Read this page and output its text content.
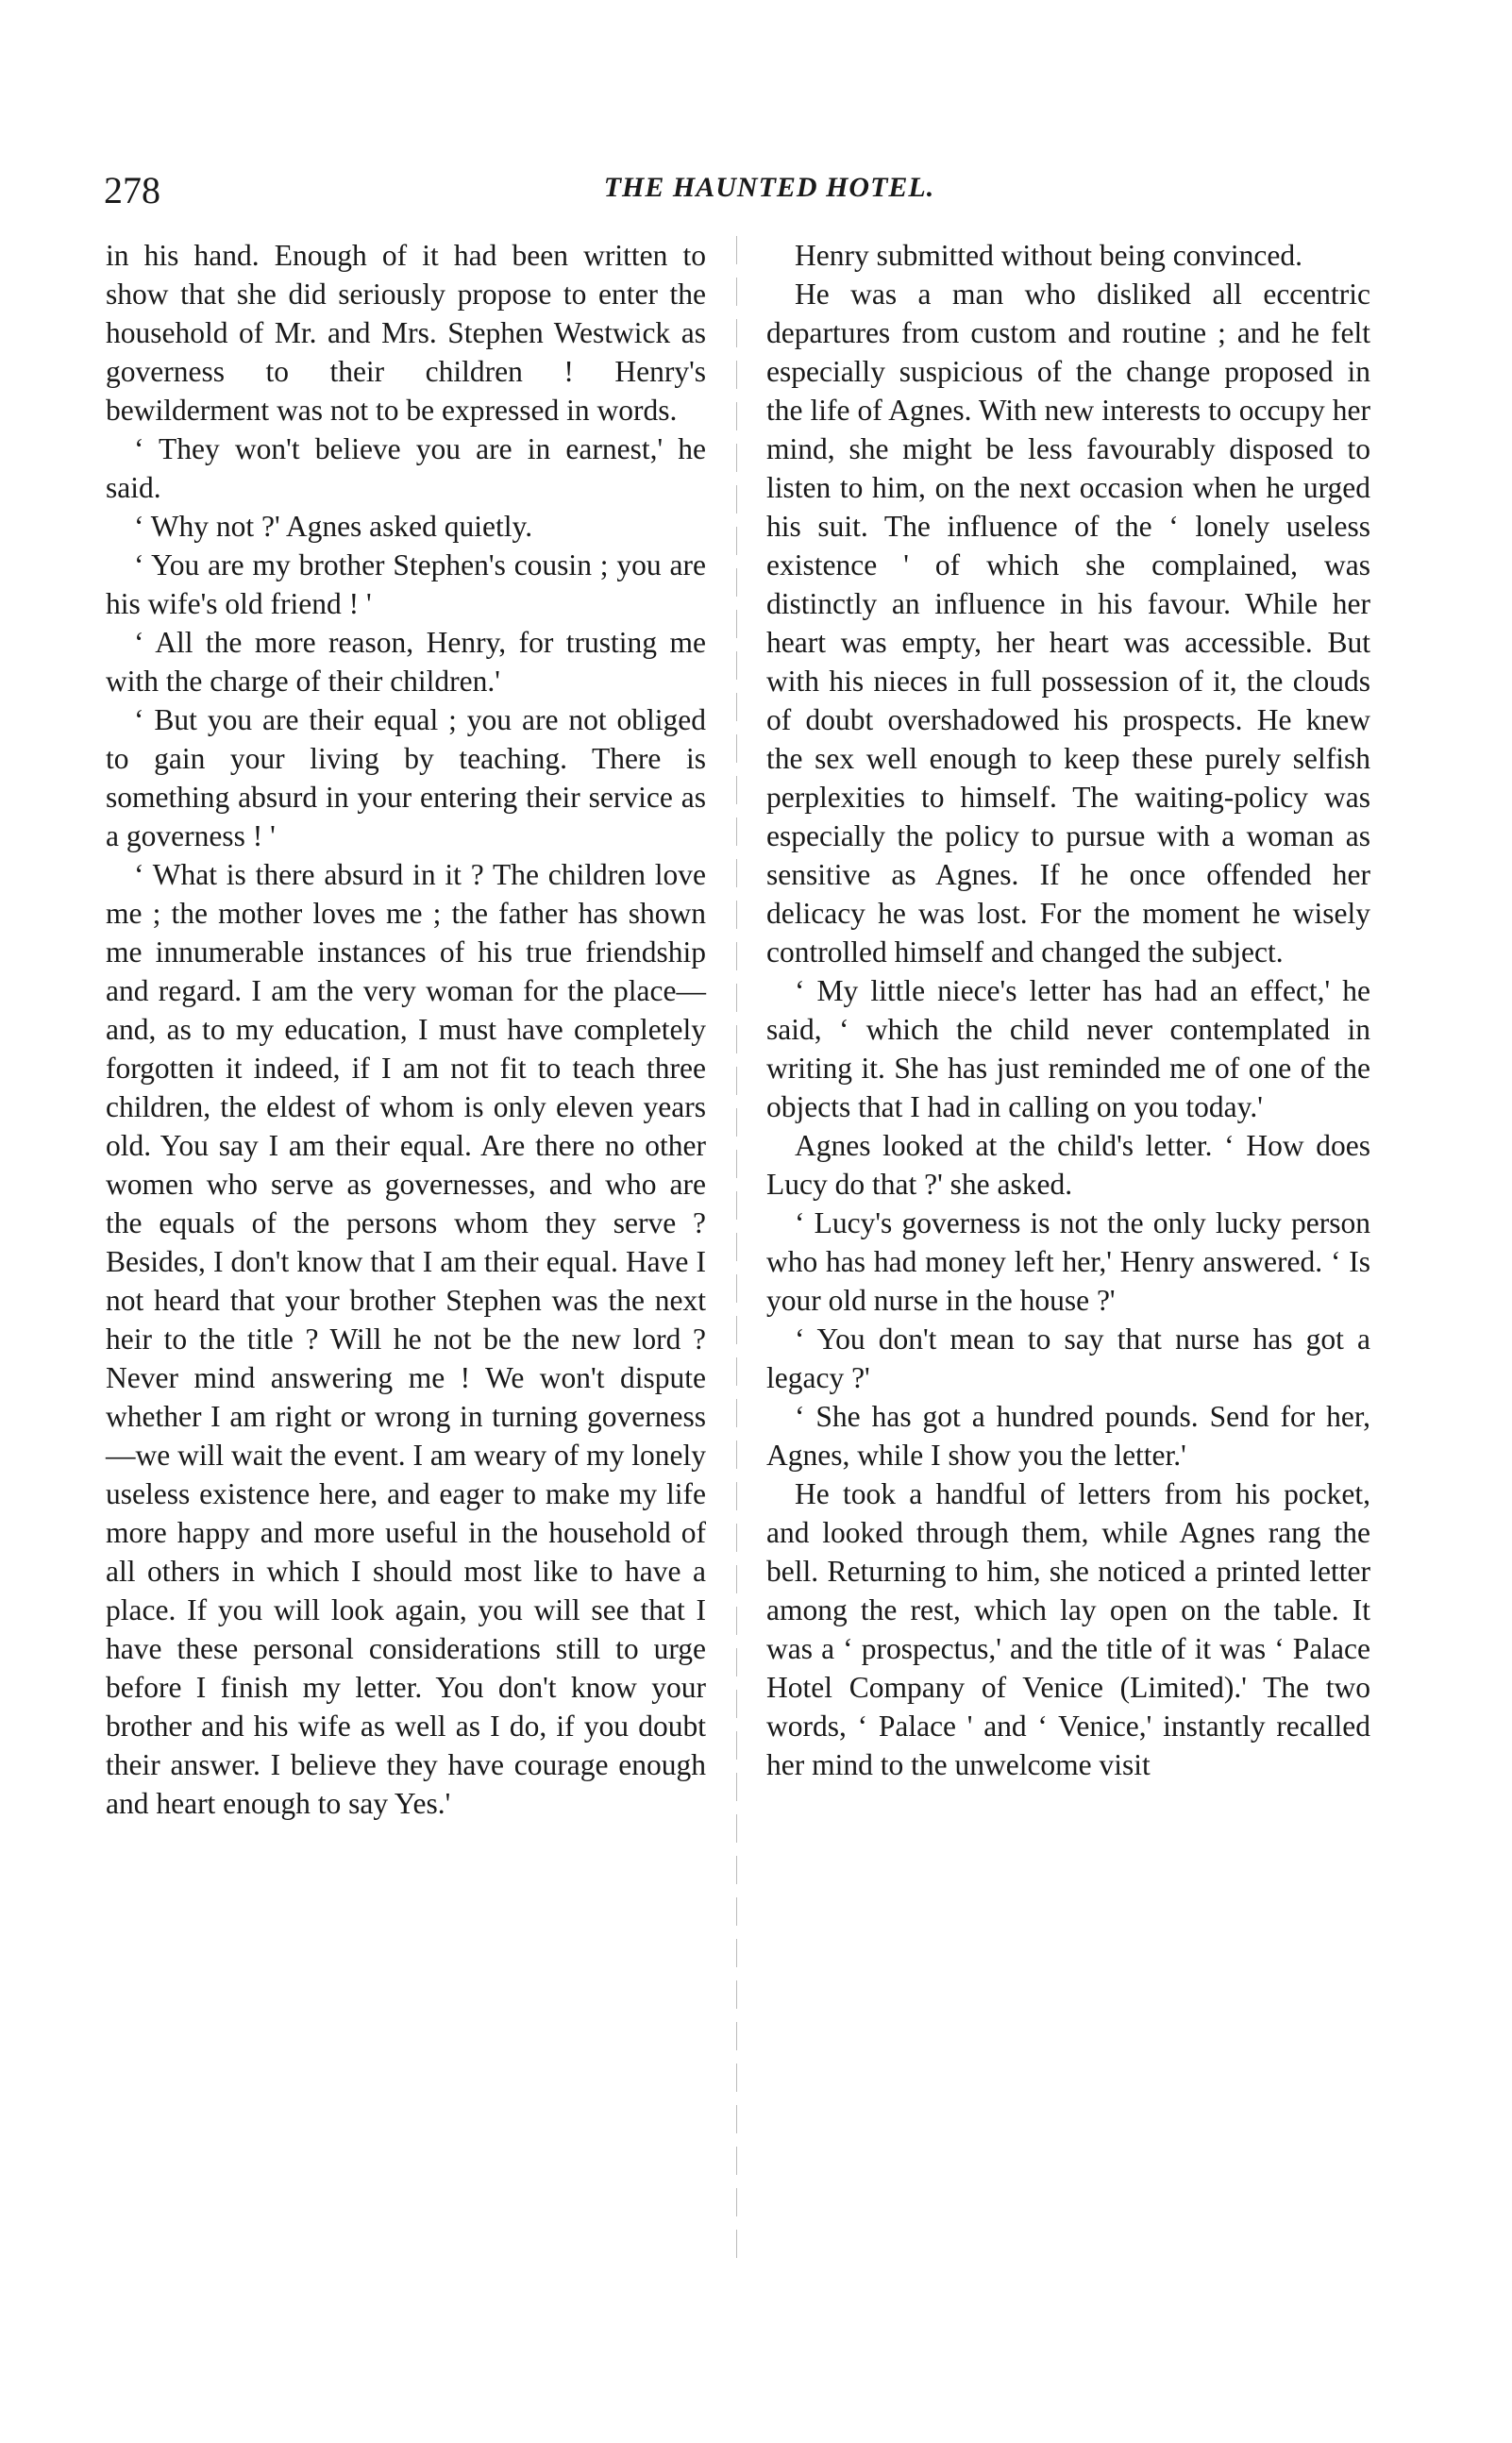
278	THE HAUNTED HOTEL.

in his hand. Enough of it had been written to show that she did seriously propose to enter the household of Mr. and Mrs. Stephen Westwick as governess to their children ! Henry's bewilderment was not to be expressed in words.

‘ They won't believe you are in earnest,' he said.

‘ Why not ?' Agnes asked quietly.

‘ You are my brother Stephen's cousin ; you are his wife's old friend ! '

‘ All the more reason, Henry, for trusting me with the charge of their children.'

‘ But you are their equal ; you are not obliged to gain your living by teaching. There is something absurd in your entering their service as a governess ! '

‘ What is there absurd in it ? The children love me ; the mother loves me ; the father has shown me innumerable instances of his true friendship and regard. I am the very woman for the place—and, as to my education, I must have completely forgotten it indeed, if I am not fit to teach three children, the eldest of whom is only eleven years old. You say I am their equal. Are there no other women who serve as governesses, and who are the equals of the persons whom they serve ? Besides, I don't know that I am their equal. Have I not heard that your brother Stephen was the next heir to the title ? Will he not be the new lord ? Never mind answering me ! We won't dispute whether I am right or wrong in turning governess—we will wait the event. I am weary of my lonely useless existence here, and eager to make my life more happy and more useful in the household of all others in which I should most like to have a place. If you will look again, you will see that I have these personal considerations still to urge before I finish my letter. You don't know your brother and his wife as well as I do, if you doubt their answer. I believe they have courage enough and heart enough to say Yes.'

Henry submitted without being convinced.

He was a man who disliked all eccentric departures from custom and routine ; and he felt especially suspicious of the change proposed in the life of Agnes. With new interests to occupy her mind, she might be less favourably disposed to listen to him, on the next occasion when he urged his suit. The influence of the ‘ lonely useless existence ' of which she complained, was distinctly an influence in his favour. While her heart was empty, her heart was accessible. But with his nieces in full possession of it, the clouds of doubt overshadowed his prospects. He knew the sex well enough to keep these purely selfish perplexities to himself. The waiting-policy was especially the policy to pursue with a woman as sensitive as Agnes. If he once offended her delicacy he was lost. For the moment he wisely controlled himself and changed the subject.

‘ My little niece's letter has had an effect,' he said, ‘ which the child never contemplated in writing it. She has just reminded me of one of the objects that I had in calling on you today.'

Agnes looked at the child's letter. ‘ How does Lucy do that ?' she asked.

‘ Lucy's governess is not the only lucky person who has had money left her,' Henry answered. ‘ Is your old nurse in the house ?'

‘ You don't mean to say that nurse has got a legacy ?'

‘ She has got a hundred pounds. Send for her, Agnes, while I show you the letter.'

He took a handful of letters from his pocket, and looked through them, while Agnes rang the bell. Returning to him, she noticed a printed letter among the rest, which lay open on the table. It was a ‘ prospectus,' and the title of it was ‘ Palace Hotel Company of Venice (Limited).' The two words, ‘ Palace ' and ‘ Venice,' instantly recalled her mind to the unwelcome visit
